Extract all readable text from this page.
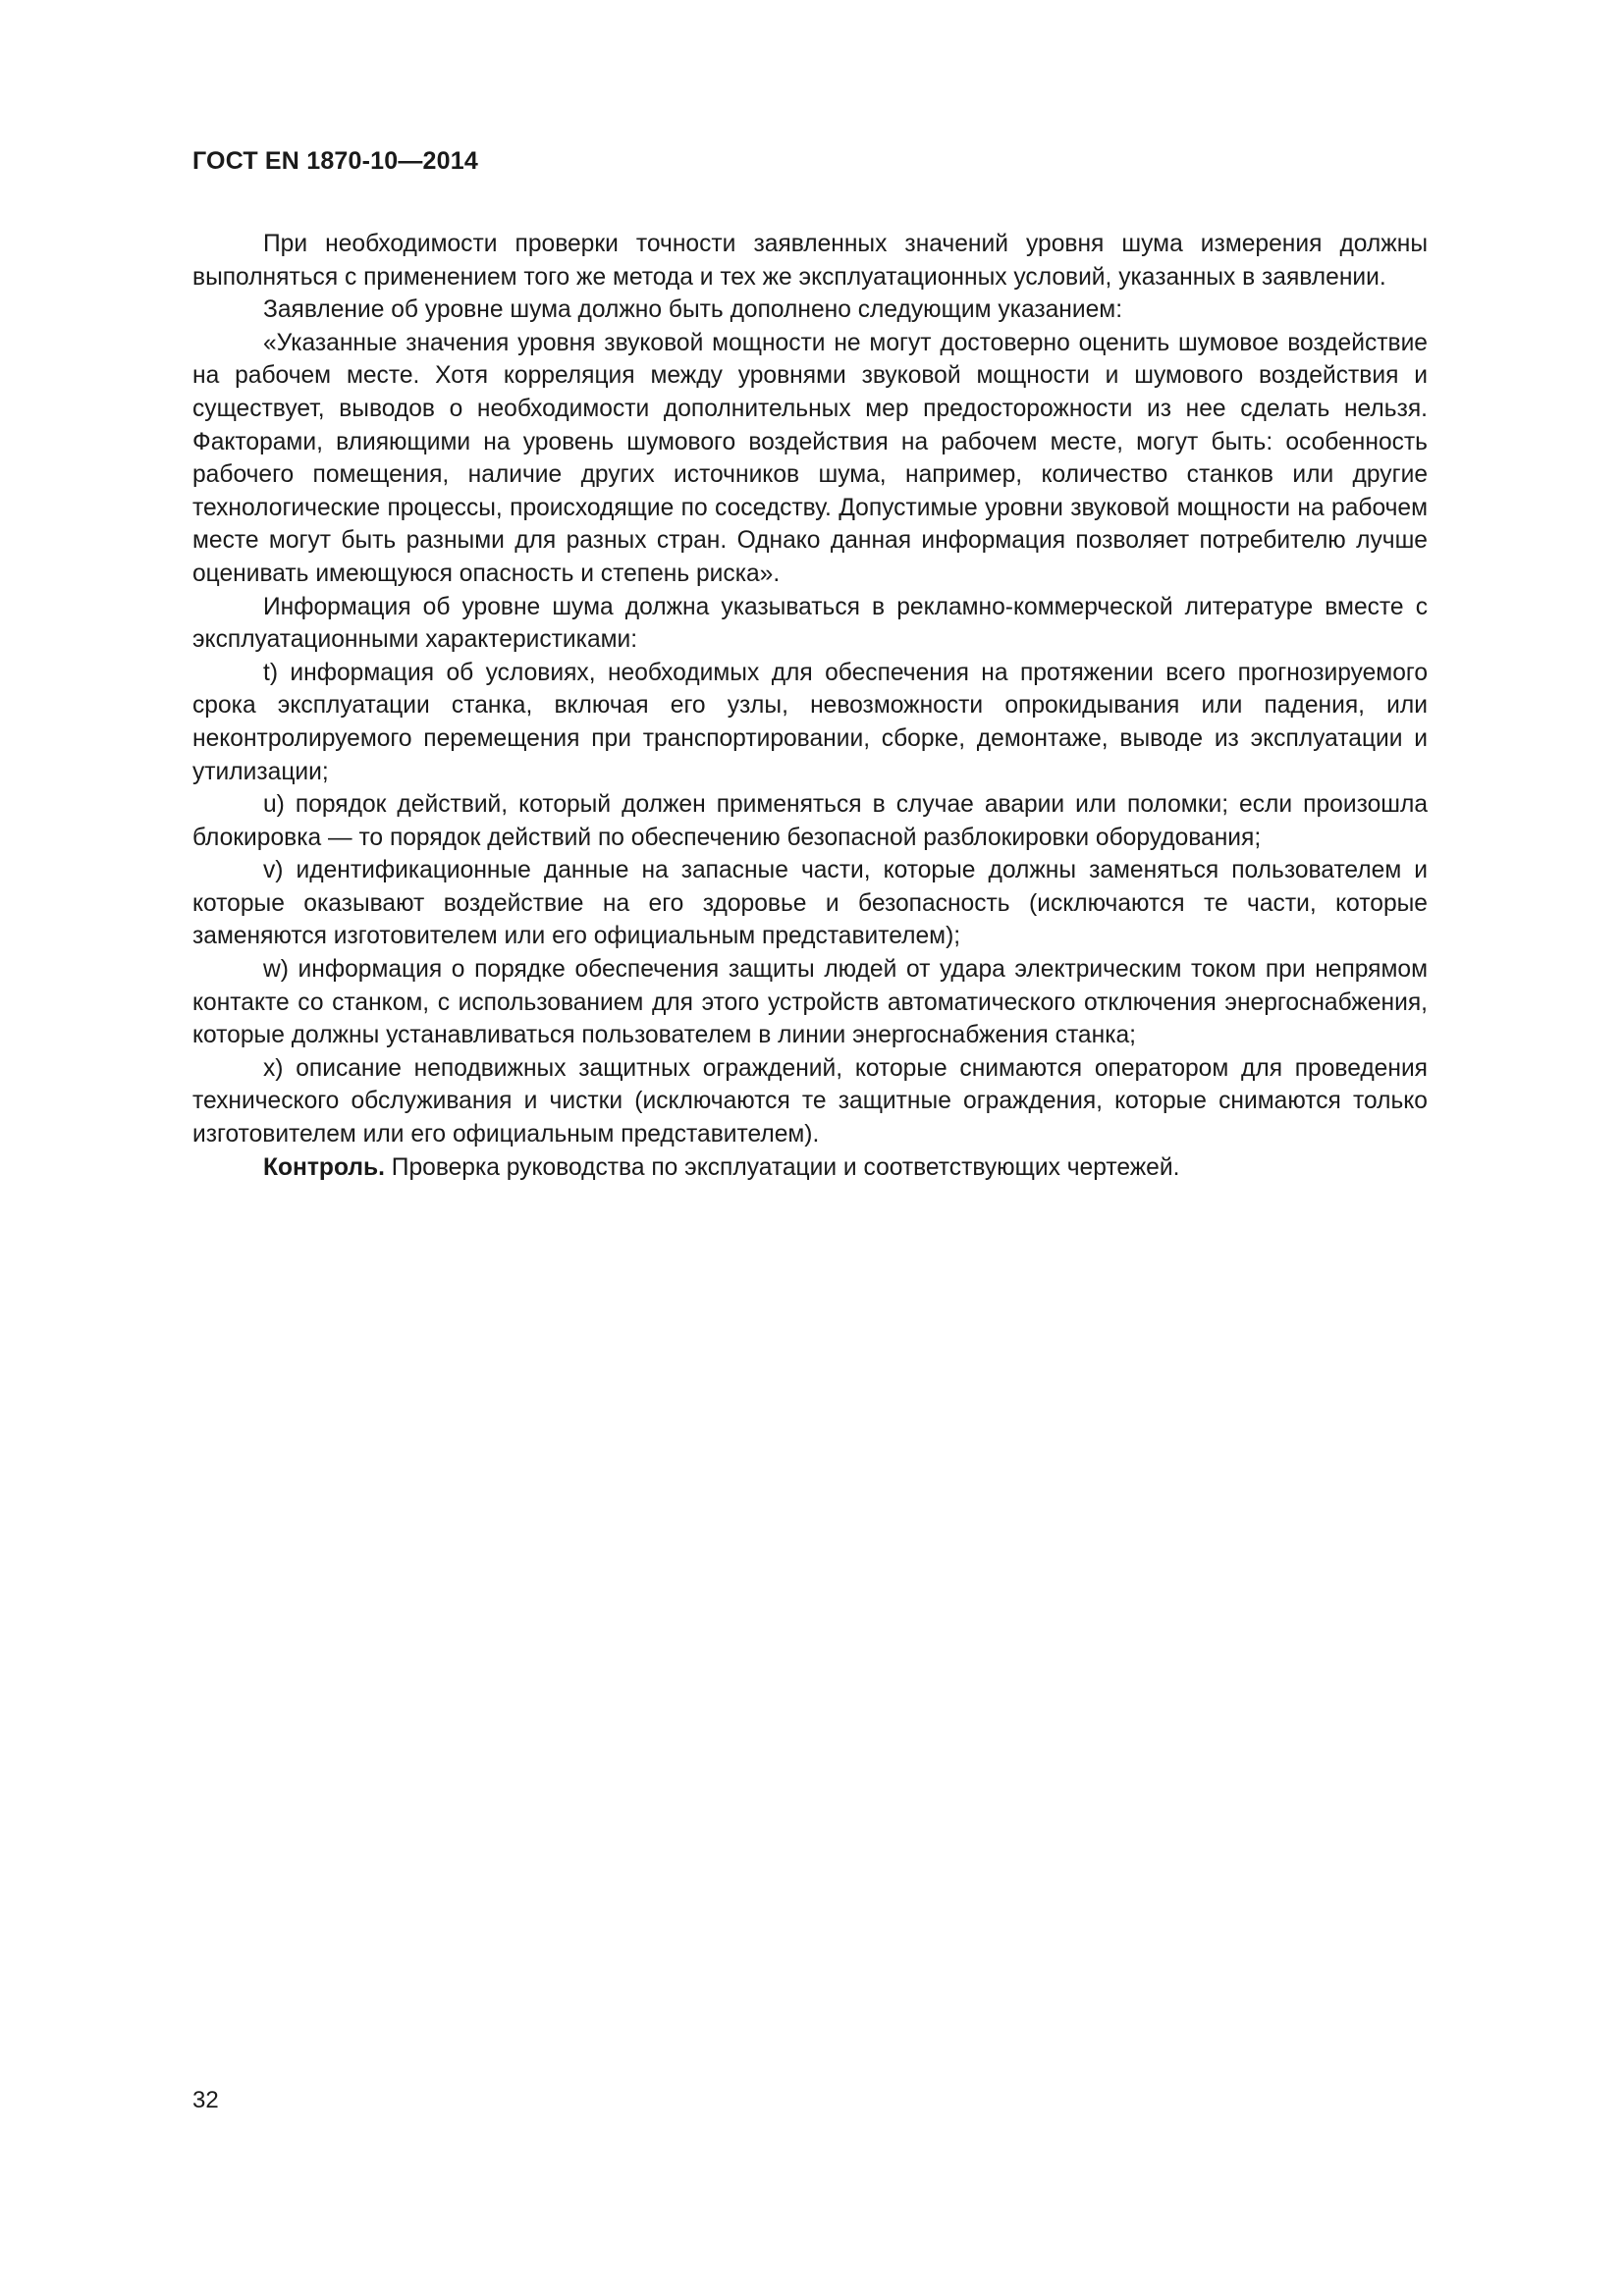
ГОСТ EN 1870-10—2014

При необходимости проверки точности заявленных значений уровня шума измерения должны выполняться с применением того же метода и тех же эксплуатационных условий, указанных в заявлении.

Заявление об уровне шума должно быть дополнено следующим указанием:

«Указанные значения уровня звуковой мощности не могут достоверно оценить шумовое воздействие на рабочем месте. Хотя корреляция между уровнями звуковой мощности и шумового воздействия и существует, выводов о необходимости дополнительных мер предосторожности из нее сделать нельзя. Факторами, влияющими на уровень шумового воздействия на рабочем месте, могут быть: особенность рабочего помещения, наличие других источников шума, например, количество станков или другие технологические процессы, происходящие по соседству. Допустимые уровни звуковой мощности на рабочем месте могут быть разными для разных стран. Однако данная информация позволяет потребителю лучше оценивать имеющуюся опасность и степень риска».

Информация об уровне шума должна указываться в рекламно-коммерческой литературе вместе с эксплуатационными характеристиками:

t) информация об условиях, необходимых для обеспечения на протяжении всего прогнозируемого срока эксплуатации станка, включая его узлы, невозможности опрокидывания или падения, или неконтролируемого перемещения при транспортировании, сборке, демонтаже, выводе из эксплуатации и утилизации;

u) порядок действий, который должен применяться в случае аварии или поломки; если произошла блокировка — то порядок действий по обеспечению безопасной разблокировки оборудования;

v) идентификационные данные на запасные части, которые должны заменяться пользователем и которые оказывают воздействие на его здоровье и безопасность (исключаются те части, которые заменяются изготовителем или его официальным представителем);

w) информация о порядке обеспечения защиты людей от удара электрическим током при непрямом контакте со станком, с использованием для этого устройств автоматического отключения энергоснабжения, которые должны устанавливаться пользователем в линии энергоснабжения станка;

x) описание неподвижных защитных ограждений, которые снимаются оператором для проведения технического обслуживания и чистки (исключаются те защитные ограждения, которые снимаются только изготовителем или его официальным представителем).

Контроль. Проверка руководства по эксплуатации и соответствующих чертежей.

32
